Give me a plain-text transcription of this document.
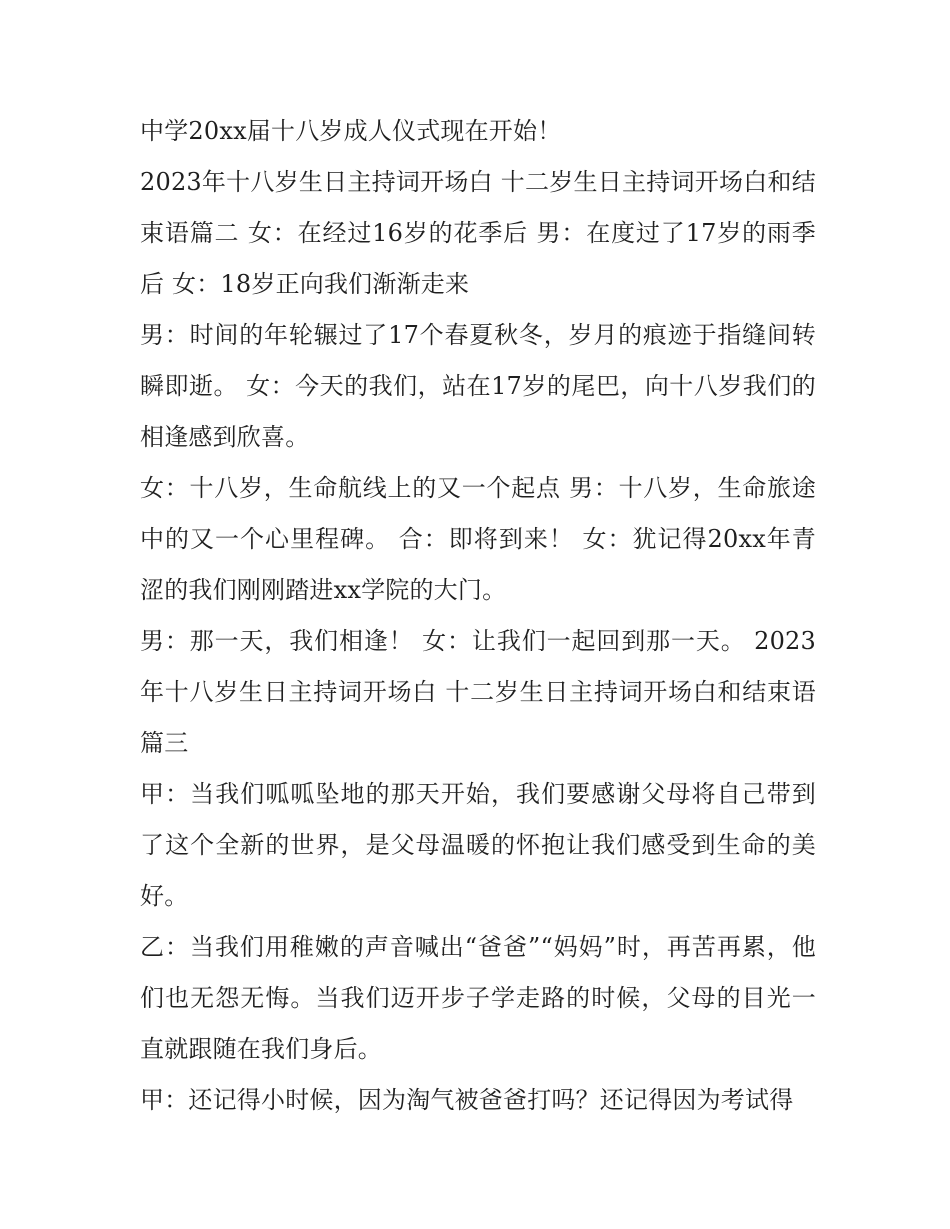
中学20xx届十八岁成人仪式现在开始！

2023年十八岁生日主持词开场白 十二岁生日主持词开场白和结束语篇二 女：在经过16岁的花季后 男：在度过了17岁的雨季后 女：18岁正向我们渐渐走来

男：时间的年轮辗过了17个春夏秋冬，岁月的痕迹于指缝间转瞬即逝。 女：今天的我们，站在17岁的尾巴，向十八岁我们的相逢感到欣喜。

女：十八岁，生命航线上的又一个起点 男：十八岁，生命旅途中的又一个心里程碑。 合：即将到来！ 女：犹记得20xx年青涩的我们刚刚踏进xx学院的大门。

男：那一天，我们相逢！ 女：让我们一起回到那一天。 2023年十八岁生日主持词开场白 十二岁生日主持词开场白和结束语篇三

甲：当我们呱呱坠地的那天开始，我们要感谢父母将自己带到了这个全新的世界，是父母温暖的怀抱让我们感受到生命的美好。

乙：当我们用稚嫩的声音喊出“爸爸”“妈妈”时，再苦再累，他们也无怨无悔。当我们迈开步子学走路的时候，父母的目光一直就跟随在我们身后。

甲：还记得小时候，因为淘气被爸爸打吗？还记得因为考试得
